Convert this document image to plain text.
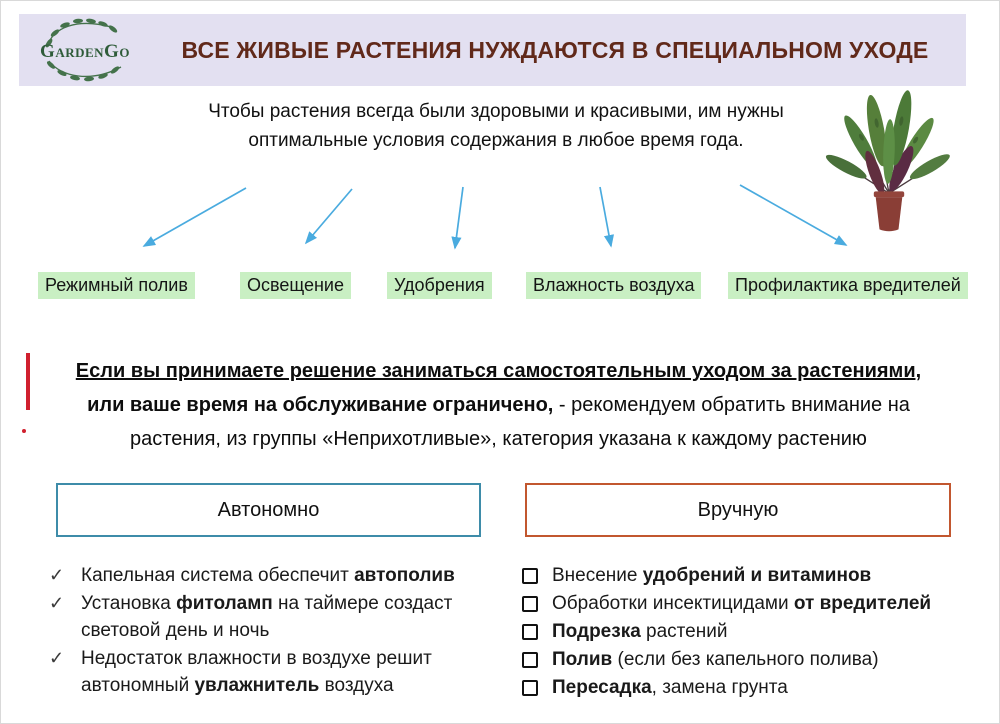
GardenGo	ВСЕ ЖИВЫЕ РАСТЕНИЯ НУЖДАЮТСЯ В СПЕЦИАЛЬНОМ УХОДЕ
Чтобы растения всегда были здоровыми и красивыми, им нужны
оптимальные условия содержания в любое время года.
Режимный полив	Освещение	Удобрения	Влажность воздуха	Профилактика вредителей
Если вы принимаете решение заниматься самостоятельным уходом за растениями,
или ваше время на обслуживание ограничено, - рекомендуем обратить внимание на
растения, из группы «Неприхотливые», категория указана к каждому растению
Автономно	Вручную
✓ Капельная система обеспечит автополив
✓ Установка фитоламп на таймере создаст световой день и ночь
✓ Недостаток влажности в воздухе решит автономный увлажнитель воздуха
Внесение удобрений и витаминов
Обработки инсектицидами от вредителей
Подрезка растений
Полив (если без капельного полива)
Пересадка, замена грунта
